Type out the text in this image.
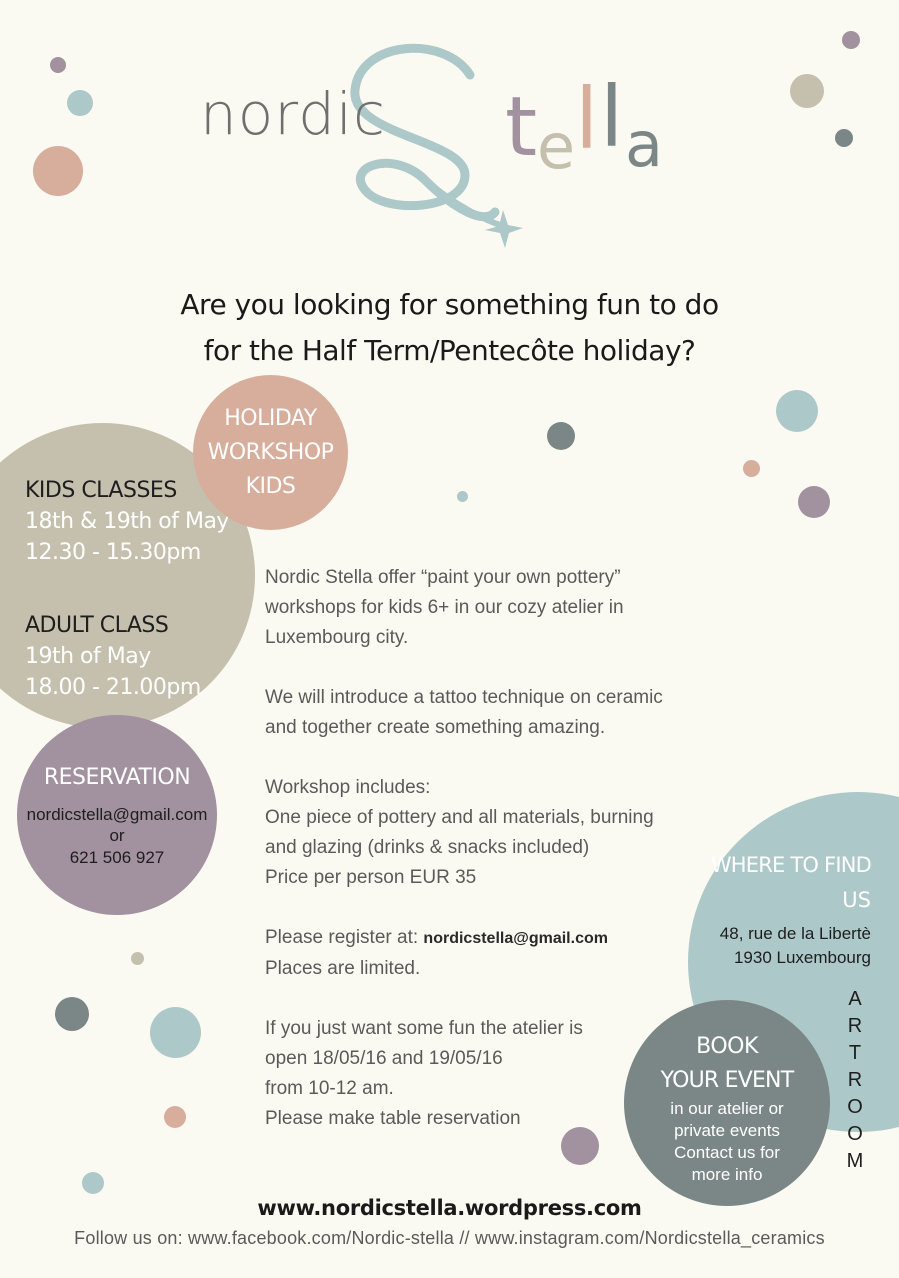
nordic t e l l a
Are you looking for something fun to do
for the Half Term/Pentecôte holiday?
KIDS CLASSES
18th & 19th of May
12.30 - 15.30pm
ADULT CLASS
19th of May
18.00 - 21.00pm
HOLIDAY
WORKSHOP
KIDS
RESERVATION
nordicstella@gmail.com
or
621 506 927

Nordic Stella offer “paint your own pottery”
workshops for kids 6+ in our cozy atelier in
Luxembourg city.

We will introduce a tattoo technique on ceramic
and together create something amazing.

Workshop includes:
One piece of pottery and all materials, burning
and glazing (drinks & snacks included)
Price per person EUR 35

Please register at: nordicstella@gmail.com
Places are limited.

If you just want some fun the atelier is
open 18/05/16 and 19/05/16
from 10-12 am.
Please make table reservation

WHERE TO FIND
US
48, rue de la Libertè
1930 Luxembourg
A
R
T
R
O
O
M
BOOK
YOUR EVENT
in our atelier or
private events
Contact us for
more info
www.nordicstella.wordpress.com
Follow us on: www.facebook.com/Nordic-stella // www.instagram.com/Nordicstella_ceramics
